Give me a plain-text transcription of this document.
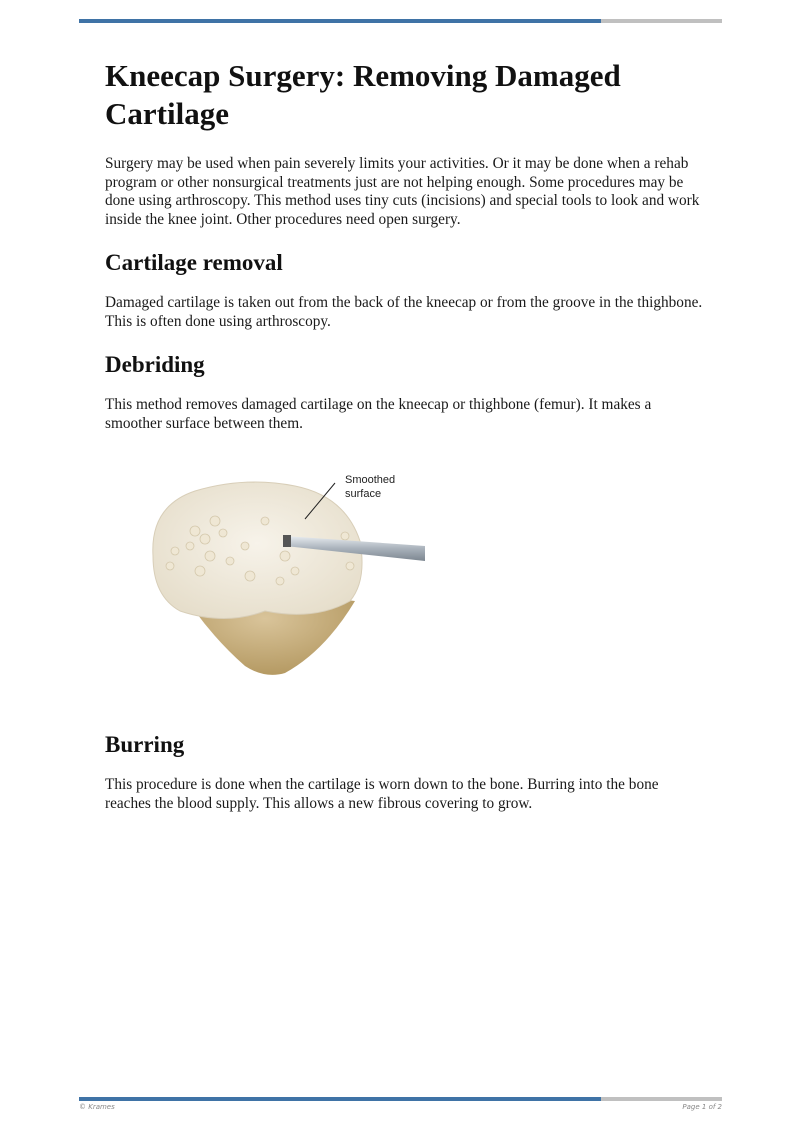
Kneecap Surgery: Removing Damaged Cartilage

Surgery may be used when pain severely limits your activities. Or it may be done when a rehab program or other nonsurgical treatments just are not helping enough. Some procedures may be done using arthroscopy. This method uses tiny cuts (incisions) and special tools to look and work inside the knee joint. Other procedures need open surgery.

Cartilage removal

Damaged cartilage is taken out from the back of the kneecap or from the groove in the thighbone. This is often done using arthroscopy.

Debriding

This method removes damaged cartilage on the kneecap or thighbone (femur). It makes a smoother surface between them.

Smoothed
surface
Burring

This procedure is done when the cartilage is worn down to the bone. Burring into the bone reaches the blood supply. This allows a new fibrous covering to grow.

© Krames	Page 1 of 2
